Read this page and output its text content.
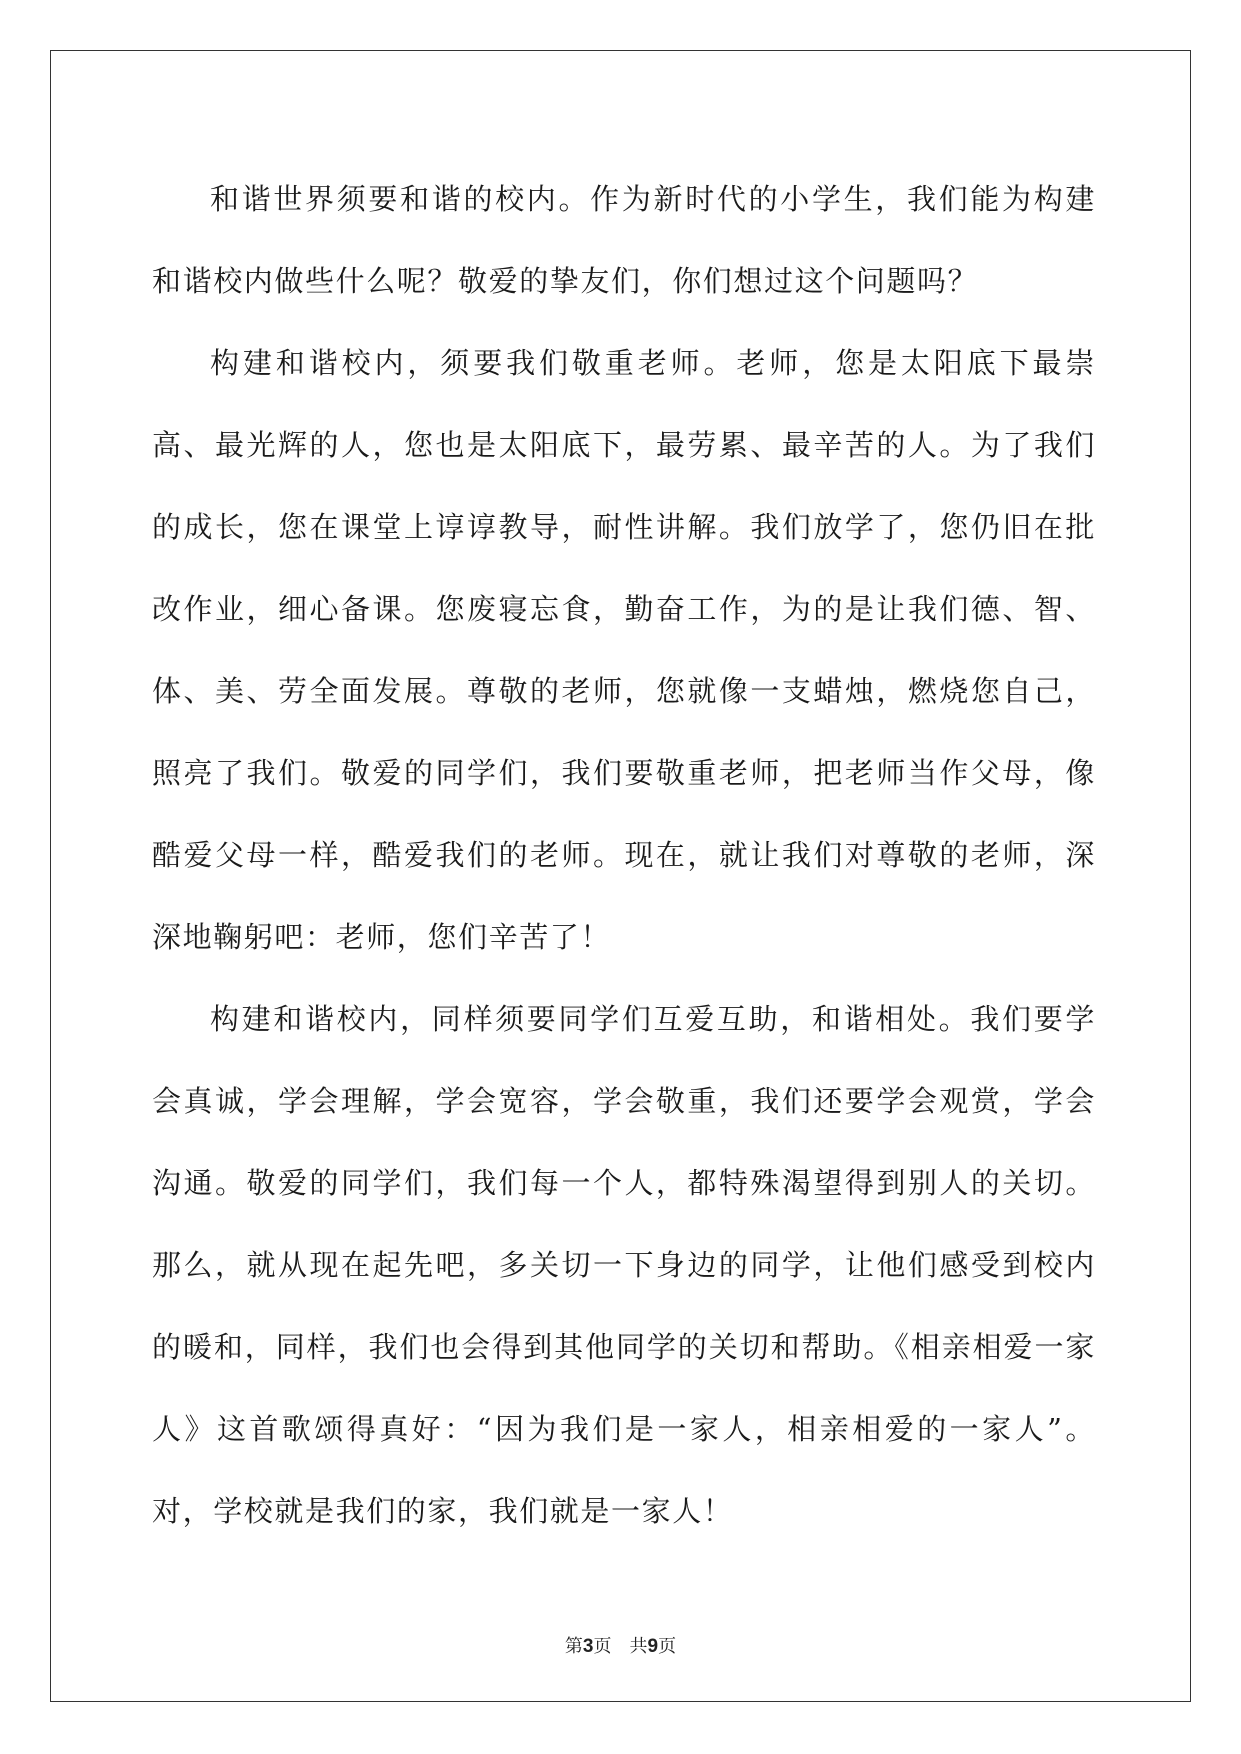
和谐世界须要和谐的校内。作为新时代的小学生，我们能为构建和谐校内做些什么呢？敬爱的挚友们，你们想过这个问题吗？

构建和谐校内，须要我们敬重老师。老师，您是太阳底下最崇高、最光辉的人，您也是太阳底下，最劳累、最辛苦的人。为了我们的成长，您在课堂上谆谆教导，耐性讲解。我们放学了，您仍旧在批改作业，细心备课。您废寝忘食，勤奋工作，为的是让我们德、智、体、美、劳全面发展。尊敬的老师，您就像一支蜡烛，燃烧您自己，照亮了我们。敬爱的同学们，我们要敬重老师，把老师当作父母，像酷爱父母一样，酷爱我们的老师。现在，就让我们对尊敬的老师，深深地鞠躬吧：老师，您们辛苦了！

构建和谐校内，同样须要同学们互爱互助，和谐相处。我们要学会真诚，学会理解，学会宽容，学会敬重，我们还要学会观赏，学会沟通。敬爱的同学们，我们每一个人，都特殊渴望得到别人的关切。那么，就从现在起先吧，多关切一下身边的同学，让他们感受到校内的暖和，同样，我们也会得到其他同学的关切和帮助。《相亲相爱一家人》这首歌颂得真好：“因为我们是一家人，相亲相爱的一家人”。对，学校就是我们的家，我们就是一家人！

第3页 共9页
